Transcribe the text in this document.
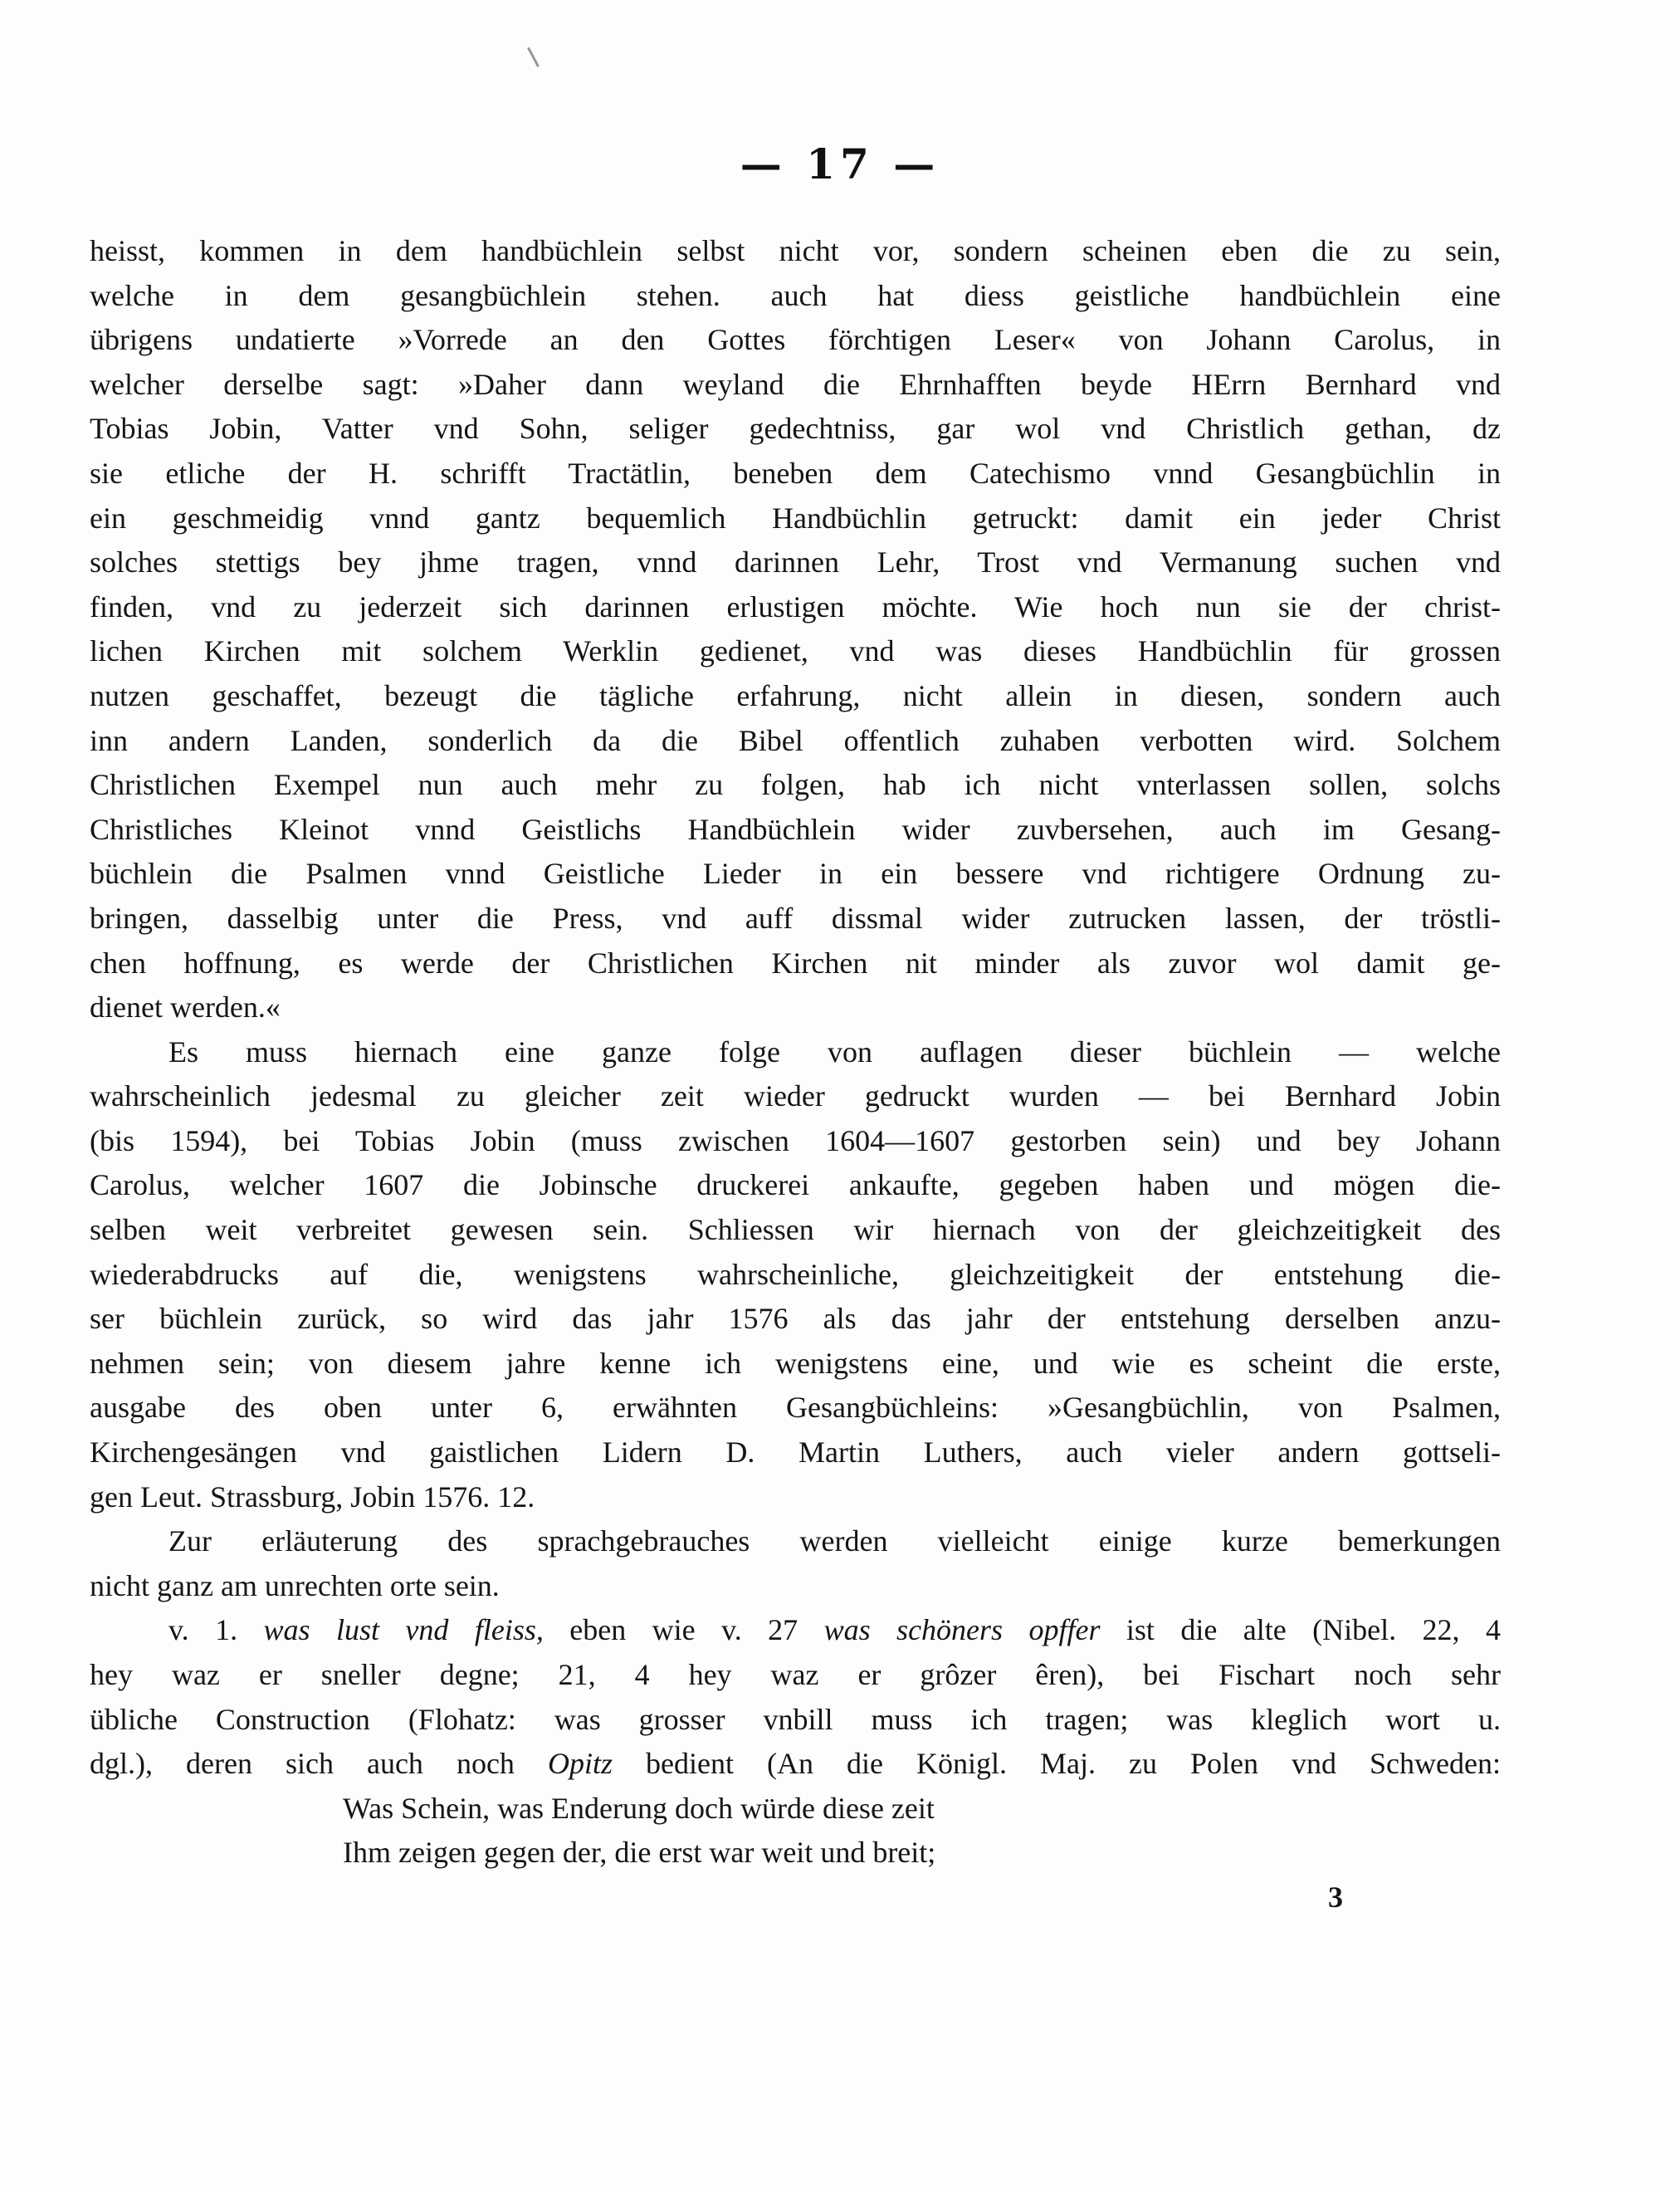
— 17 —
heisst, kommen in dem handbüchlein selbst nicht vor, sondern scheinen eben die zu sein,
welche in dem gesangbüchlein stehen. auch hat diess geistliche handbüchlein eine
übrigens undatierte »Vorrede an den Gottes förchtigen Leser« von Johann Carolus, in
welcher derselbe sagt: »Daher dann weyland die Ehrnhafften beyde HErrn Bernhard vnd
Tobias Jobin, Vatter vnd Sohn, seliger gedechtniss, gar wol vnd Christlich gethan, dz
sie etliche der H. schrifft Tractätlin, beneben dem Catechismo vnnd Gesangbüchlin in
ein geschmeidig vnnd gantz bequemlich Handbüchlin getruckt: damit ein jeder Christ
solches stettigs bey jhme tragen, vnnd darinnen Lehr, Trost vnd Vermanung suchen vnd
finden, vnd zu jederzeit sich darinnen erlustigen möchte. Wie hoch nun sie der christ-
lichen Kirchen mit solchem Werklin gedienet, vnd was dieses Handbüchlin für grossen
nutzen geschaffet, bezeugt die tägliche erfahrung, nicht allein in diesen, sondern auch
inn andern Landen, sonderlich da die Bibel offentlich zuhaben verbotten wird. Solchem
Christlichen Exempel nun auch mehr zu folgen, hab ich nicht vnterlassen sollen, solchs
Christliches Kleinot vnnd Geistlichs Handbüchlein wider zuvbersehen, auch im Gesang-
büchlein die Psalmen vnnd Geistliche Lieder in ein bessere vnd richtigere Ordnung zu-
bringen, dasselbig unter die Press, vnd auff dissmal wider zutrucken lassen, der tröstli-
chen hoffnung, es werde der Christlichen Kirchen nit minder als zuvor wol damit ge-
dienet werden.«
Es muss hiernach eine ganze folge von auflagen dieser büchlein — welche
wahrscheinlich jedesmal zu gleicher zeit wieder gedruckt wurden — bei Bernhard Jobin
(bis 1594), bei Tobias Jobin (muss zwischen 1604—1607 gestorben sein) und bey Johann
Carolus, welcher 1607 die Jobinsche druckerei ankaufte, gegeben haben und mögen die-
selben weit verbreitet gewesen sein. Schliessen wir hiernach von der gleichzeitigkeit des
wiederabdrucks auf die, wenigstens wahrscheinliche, gleichzeitigkeit der entstehung die-
ser büchlein zurück, so wird das jahr 1576 als das jahr der entstehung derselben anzu-
nehmen sein; von diesem jahre kenne ich wenigstens eine, und wie es scheint die erste,
ausgabe des oben unter 6, erwähnten Gesangbüchleins: »Gesangbüchlin, von Psalmen,
Kirchengesängen vnd gaistlichen Lidern D. Martin Luthers, auch vieler andern gottseli-
gen Leut. Strassburg, Jobin 1576. 12.
Zur erläuterung des sprachgebrauches werden vielleicht einige kurze bemerkungen
nicht ganz am unrechten orte sein.
v. 1. was lust vnd fleiss, eben wie v. 27 was schöners opffer ist die alte (Nibel. 22, 4
hey waz er sneller degne; 21, 4 hey waz er grôzer êren), bei Fischart noch sehr
übliche Construction (Flohatz: was grosser vnbill muss ich tragen; was kleglich wort u.
dgl.), deren sich auch noch Opitz bedient (An die Königl. Maj. zu Polen vnd Schweden:
Was Schein, was Enderung doch würde diese zeit
Ihm zeigen gegen der, die erst war weit und breit;
3
